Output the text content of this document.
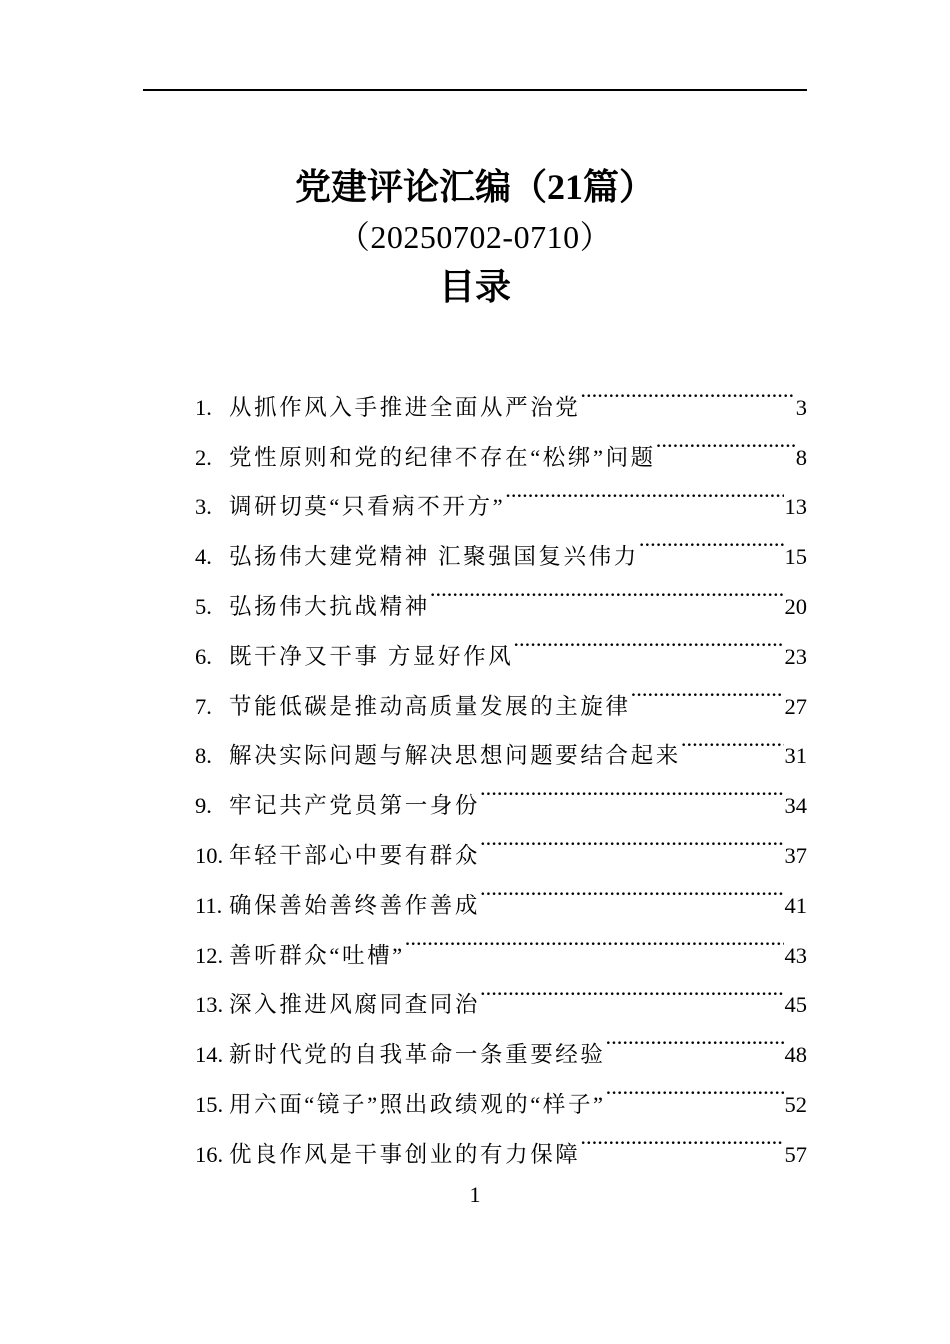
党建评论汇编（21篇）
（20250702-0710）
目录
1. 从抓作风入手推进全面从严治党 .....	3
2. 党性原则和党的纪律不存在“松绑”问题 .....	8
3. 调研切莫“只看病不开方” .....	13
4. 弘扬伟大建党精神 汇聚强国复兴伟力 .....	15
5. 弘扬伟大抗战精神 .....	20
6. 既干净又干事 方显好作风 .....	23
7. 节能低碳是推动高质量发展的主旋律 .....	27
8. 解决实际问题与解决思想问题要结合起来 .....	31
9. 牢记共产党员第一身份 .....	34
10. 年轻干部心中要有群众 .....	37
11. 确保善始善终善作善成 .....	41
12. 善听群众“吐槽” .....	43
13. 深入推进风腐同查同治 .....	45
14. 新时代党的自我革命一条重要经验 .....	48
15. 用六面“镜子”照出政绩观的“样子” .....	52
16. 优良作风是干事创业的有力保障 .....	57
1
